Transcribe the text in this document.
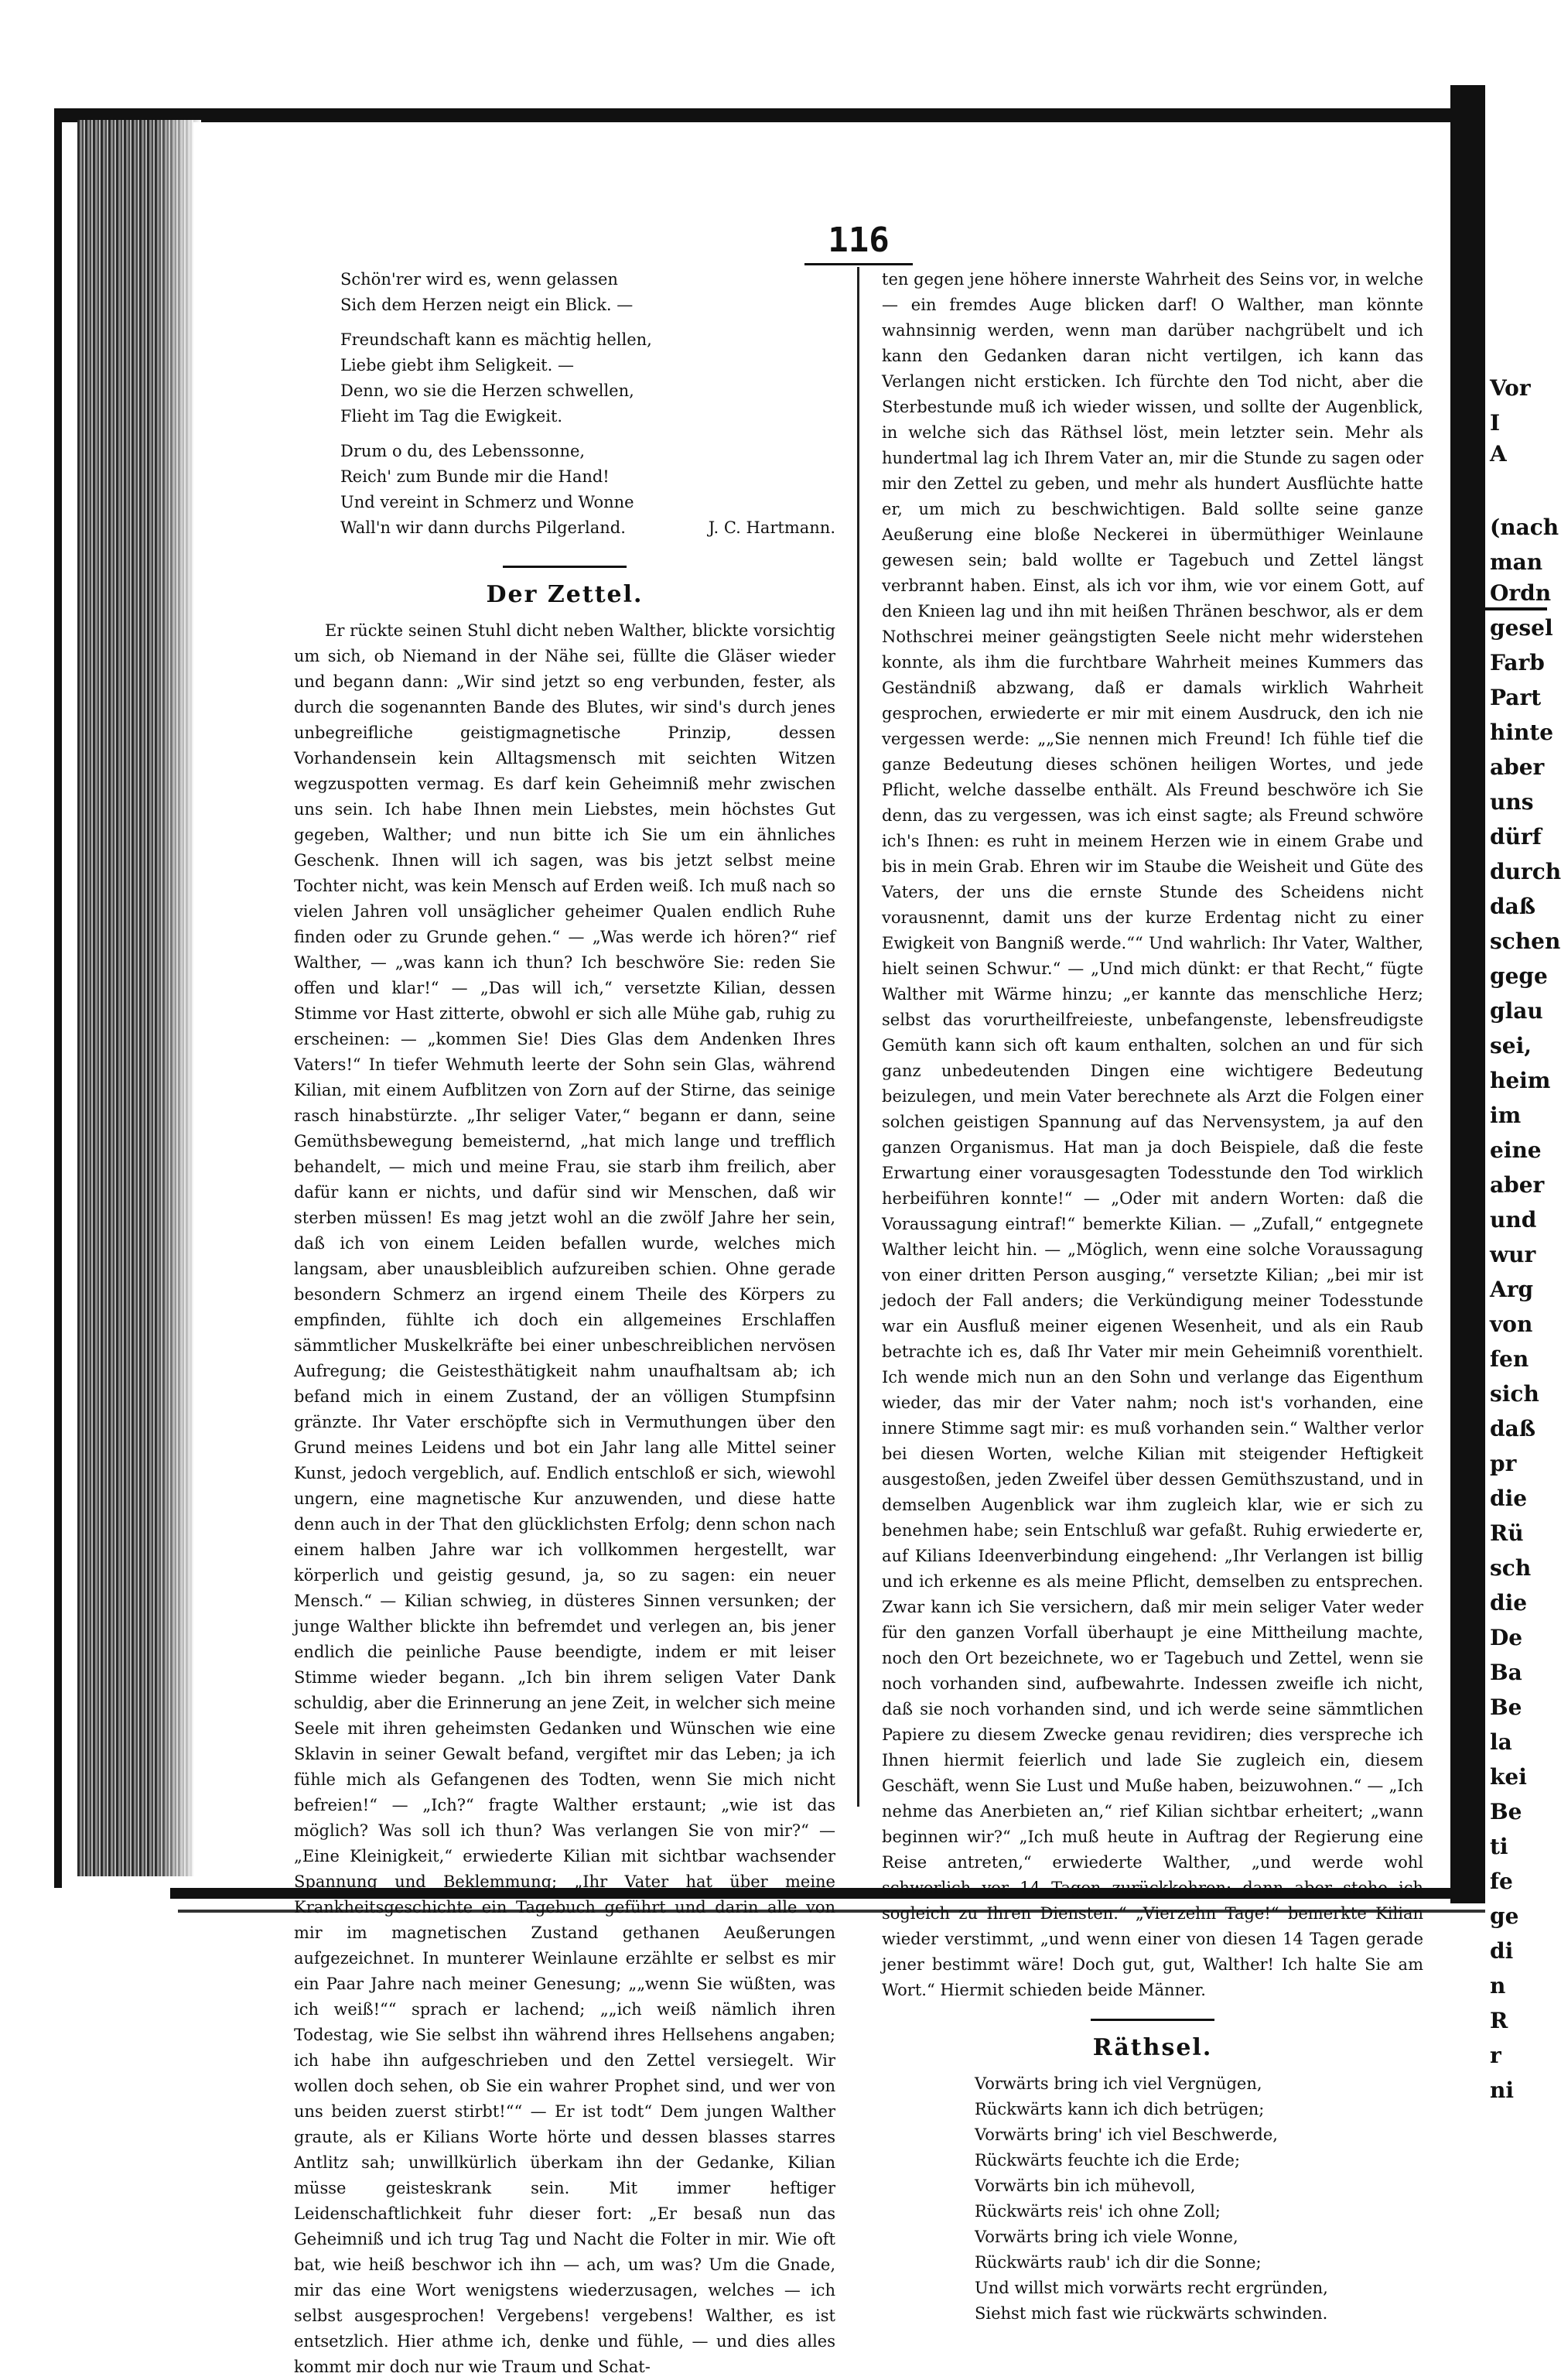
116

Schön'rer wird es, wenn gelassen
Sich dem Herzen neigt ein Blick. —

Freundschaft kann es mächtig hellen,
Liebe giebt ihm Seligkeit. —
Denn, wo sie die Herzen schwellen,
Flieht im Tag die Ewigkeit.

Drum o du, des Lebenssonne,
Reich' zum Bunde mir die Hand!
Und vereint in Schmerz und Wonne
Wall'n wir dann durchs Pilgerland.	J. C. Hartmann.

Der Zettel.

Er rückte seinen Stuhl dicht neben Walther, blickte vorsichtig um sich, ob Niemand in der Nähe sei, füllte die Gläser wieder und begann dann: „Wir sind jetzt so eng verbunden, fester, als durch die sogenannten Bande des Blutes, wir sind's durch jenes unbegreifliche geistigmagnetische Prinzip, dessen Vorhandensein kein Alltagsmensch mit seichten Witzen wegzuspotten vermag. Es darf kein Geheimniß mehr zwischen uns sein. Ich habe Ihnen mein Liebstes, mein höchstes Gut gegeben, Walther; und nun bitte ich Sie um ein ähnliches Geschenk. Ihnen will ich sagen, was bis jetzt selbst meine Tochter nicht, was kein Mensch auf Erden weiß. Ich muß nach so vielen Jahren voll unsäglicher geheimer Qualen endlich Ruhe finden oder zu Grunde gehen.“ — „Was werde ich hören?“ rief Walther, — „was kann ich thun? Ich beschwöre Sie: reden Sie offen und klar!“ — „Das will ich,“ versetzte Kilian, dessen Stimme vor Hast zitterte, obwohl er sich alle Mühe gab, ruhig zu erscheinen: — „kommen Sie! Dies Glas dem Andenken Ihres Vaters!“ In tiefer Wehmuth leerte der Sohn sein Glas, während Kilian, mit einem Aufblitzen von Zorn auf der Stirne, das seinige rasch hinabstürzte. „Ihr seliger Vater,“ begann er dann, seine Gemüthsbewegung bemeisternd, „hat mich lange und trefflich behandelt, — mich und meine Frau, sie starb ihm freilich, aber dafür kann er nichts, und dafür sind wir Menschen, daß wir sterben müssen! Es mag jetzt wohl an die zwölf Jahre her sein, daß ich von einem Leiden befallen wurde, welches mich langsam, aber unausbleiblich aufzureiben schien. Ohne gerade besondern Schmerz an irgend einem Theile des Körpers zu empfinden, fühlte ich doch ein allgemeines Erschlaffen sämmtlicher Muskelkräfte bei einer unbeschreiblichen nervösen Aufregung; die Geistesthätigkeit nahm unaufhaltsam ab; ich befand mich in einem Zustand, der an völligen Stumpfsinn gränzte. Ihr Vater erschöpfte sich in Vermuthungen über den Grund meines Leidens und bot ein Jahr lang alle Mittel seiner Kunst, jedoch vergeblich, auf. Endlich entschloß er sich, wiewohl ungern, eine magnetische Kur anzuwenden, und diese hatte denn auch in der That den glücklichsten Erfolg; denn schon nach einem halben Jahre war ich vollkommen hergestellt, war körperlich und geistig gesund, ja, so zu sagen: ein neuer Mensch.“ — Kilian schwieg, in düsteres Sinnen versunken; der junge Walther blickte ihn befremdet und verlegen an, bis jener endlich die peinliche Pause beendigte, indem er mit leiser Stimme wieder begann. „Ich bin ihrem seligen Vater Dank schuldig, aber die Erinnerung an jene Zeit, in welcher sich meine Seele mit ihren geheimsten Gedanken und Wünschen wie eine Sklavin in seiner Gewalt befand, vergiftet mir das Leben; ja ich fühle mich als Gefangenen des Todten, wenn Sie mich nicht befreien!“ — „Ich?“ fragte Walther erstaunt; „wie ist das möglich? Was soll ich thun? Was verlangen Sie von mir?“ — „Eine Kleinigkeit,“ erwiederte Kilian mit sichtbar wachsender Spannung und Beklemmung; „Ihr Vater hat über meine Krankheitsgeschichte ein Tagebuch geführt und darin alle von mir im magnetischen Zustand gethanen Aeußerungen aufgezeichnet. In munterer Weinlaune erzählte er selbst es mir ein Paar Jahre nach meiner Genesung; „„wenn Sie wüßten, was ich weiß!““ sprach er lachend; „„ich weiß nämlich ihren Todestag, wie Sie selbst ihn während ihres Hellsehens angaben; ich habe ihn aufgeschrieben und den Zettel versiegelt. Wir wollen doch sehen, ob Sie ein wahrer Prophet sind, und wer von uns beiden zuerst stirbt!““ — Er ist todt“ Dem jungen Walther graute, als er Kilians Worte hörte und dessen blasses starres Antlitz sah; unwillkürlich überkam ihn der Gedanke, Kilian müsse geisteskrank sein. Mit immer heftiger Leidenschaftlichkeit fuhr dieser fort: „Er besaß nun das Geheimniß und ich trug Tag und Nacht die Folter in mir. Wie oft bat, wie heiß beschwor ich ihn — ach, um was? Um die Gnade, mir das eine Wort wenigstens wiederzusagen, welches — ich selbst ausgesprochen! Vergebens! vergebens! Walther, es ist entsetzlich. Hier athme ich, denke und fühle, — und dies alles kommt mir doch nur wie Traum und Schat-

ten gegen jene höhere innerste Wahrheit des Seins vor, in welche — ein fremdes Auge blicken darf! O Walther, man könnte wahnsinnig werden, wenn man darüber nachgrübelt und ich kann den Gedanken daran nicht vertilgen, ich kann das Verlangen nicht ersticken. Ich fürchte den Tod nicht, aber die Sterbestunde muß ich wieder wissen, und sollte der Augenblick, in welche sich das Räthsel löst, mein letzter sein. Mehr als hundertmal lag ich Ihrem Vater an, mir die Stunde zu sagen oder mir den Zettel zu geben, und mehr als hundert Ausflüchte hatte er, um mich zu beschwichtigen. Bald sollte seine ganze Aeußerung eine bloße Neckerei in übermüthiger Weinlaune gewesen sein; bald wollte er Tagebuch und Zettel längst verbrannt haben. Einst, als ich vor ihm, wie vor einem Gott, auf den Knieen lag und ihn mit heißen Thränen beschwor, als er dem Nothschrei meiner geängstigten Seele nicht mehr widerstehen konnte, als ihm die furchtbare Wahrheit meines Kummers das Geständniß abzwang, daß er damals wirklich Wahrheit gesprochen, erwiederte er mir mit einem Ausdruck, den ich nie vergessen werde: „„Sie nennen mich Freund! Ich fühle tief die ganze Bedeutung dieses schönen heiligen Wortes, und jede Pflicht, welche dasselbe enthält. Als Freund beschwöre ich Sie denn, das zu vergessen, was ich einst sagte; als Freund schwöre ich's Ihnen: es ruht in meinem Herzen wie in einem Grabe und bis in mein Grab. Ehren wir im Staube die Weisheit und Güte des Vaters, der uns die ernste Stunde des Scheidens nicht vorausnennt, damit uns der kurze Erdentag nicht zu einer Ewigkeit von Bangniß werde.““ Und wahrlich: Ihr Vater, Walther, hielt seinen Schwur.“ — „Und mich dünkt: er that Recht,“ fügte Walther mit Wärme hinzu; „er kannte das menschliche Herz; selbst das vorurtheilfreieste, unbefangenste, lebensfreudigste Gemüth kann sich oft kaum enthalten, solchen an und für sich ganz unbedeutenden Dingen eine wichtigere Bedeutung beizulegen, und mein Vater berechnete als Arzt die Folgen einer solchen geistigen Spannung auf das Nervensystem, ja auf den ganzen Organismus. Hat man ja doch Beispiele, daß die feste Erwartung einer vorausgesagten Todesstunde den Tod wirklich herbeiführen konnte!“ — „Oder mit andern Worten: daß die Voraussagung eintraf!“ bemerkte Kilian. — „Zufall,“ entgegnete Walther leicht hin. — „Möglich, wenn eine solche Voraussagung von einer dritten Person ausging,“ versetzte Kilian; „bei mir ist jedoch der Fall anders; die Verkündigung meiner Todesstunde war ein Ausfluß meiner eigenen Wesenheit, und als ein Raub betrachte ich es, daß Ihr Vater mir mein Geheimniß vorenthielt. Ich wende mich nun an den Sohn und verlange das Eigenthum wieder, das mir der Vater nahm; noch ist's vorhanden, eine innere Stimme sagt mir: es muß vorhanden sein.“ Walther verlor bei diesen Worten, welche Kilian mit steigender Heftigkeit ausgestoßen, jeden Zweifel über dessen Gemüthszustand, und in demselben Augenblick war ihm zugleich klar, wie er sich zu benehmen habe; sein Entschluß war gefaßt. Ruhig erwiederte er, auf Kilians Ideenverbindung eingehend: „Ihr Verlangen ist billig und ich erkenne es als meine Pflicht, demselben zu entsprechen. Zwar kann ich Sie versichern, daß mir mein seliger Vater weder für den ganzen Vorfall überhaupt je eine Mittheilung machte, noch den Ort bezeichnete, wo er Tagebuch und Zettel, wenn sie noch vorhanden sind, aufbewahrte. Indessen zweifle ich nicht, daß sie noch vorhanden sind, und ich werde seine sämmtlichen Papiere zu diesem Zwecke genau revidiren; dies versprechе ich Ihnen hiermit feierlich und lade Sie zugleich ein, diesem Geschäft, wenn Sie Lust und Muße haben, beizuwohnen.“ — „Ich nehme das Anerbieten an,“ rief Kilian sichtbar erheitert; „wann beginnen wir?“ „Ich muß heute in Auftrag der Regierung eine Reise antreten,“ erwiederte Walther, „und werde wohl schwerlich vor 14 Tagen zurückkehren; dann aber stehe ich sogleich zu Ihren Diensten.“ „Vierzehn Tage!“ bemerkte Kilian wieder verstimmt, „und wenn einer von diesen 14 Tagen gerade jener bestimmt wäre! Doch gut, gut, Walther! Ich halte Sie am Wort.“ Hiermit schieden beide Männer.

Räthsel.
Vorwärts bring ich viel Vergnügen,
Rückwärts kann ich dich betrügen;
Vorwärts bring' ich viel Beschwerde,
Rückwärts feuchte ich die Erde;
Vorwärts bin ich mühevoll,
Rückwärts reis' ich ohne Zoll;
Vorwärts bring ich viele Wonne,
Rückwärts raub' ich dir die Sonne;
Und willst mich vorwärts recht ergründen,
Siehst mich fast wie rückwärts schwinden.
Vor
I
A
(nach
man
Ordn
gesel
Farb
Part
hinte
aber
uns
dürf
durch
daß
schen
gege
glau
sei,
heim
im
eine
aber
und
wur
Arg
von
fen
sich
daß
pr
die
Rü
sch
die
De
Ba
Be
la
kei
Be
ti
fe
ge
di
n
R
r
ni
